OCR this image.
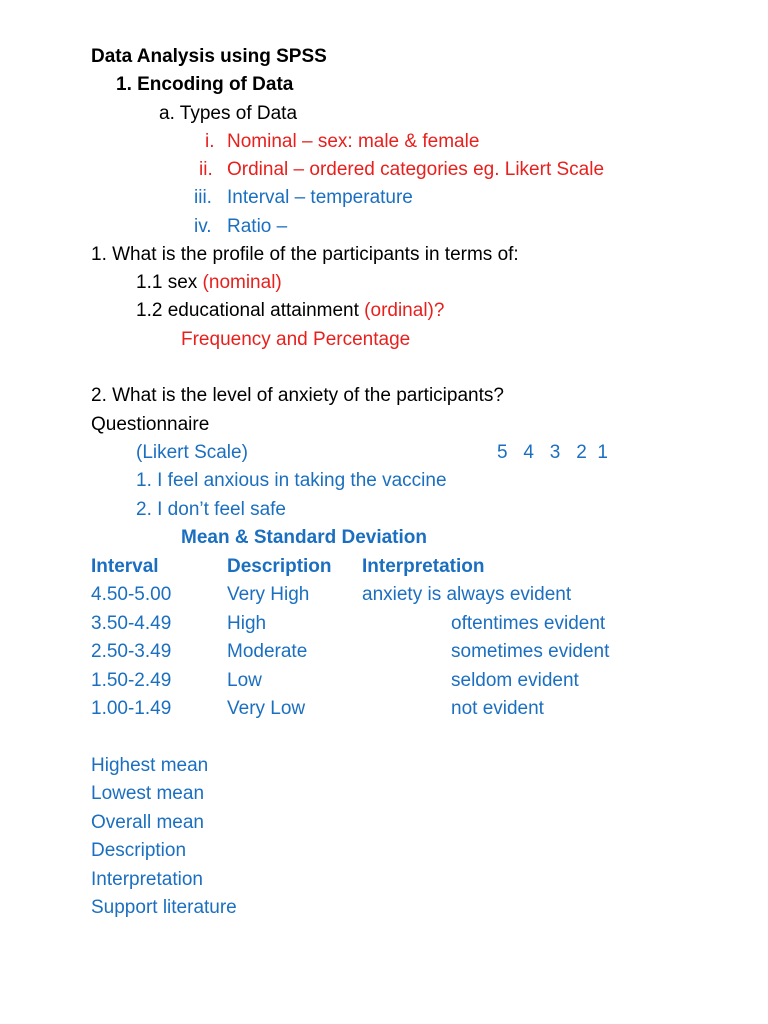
Data Analysis using SPSS
1. Encoding of Data
a. Types of Data
i. Nominal – sex: male & female
ii. Ordinal – ordered categories eg. Likert Scale
iii. Interval – temperature
iv. Ratio –
1. What is the profile of the participants in terms of:
1.1 sex (nominal)
1.2 educational attainment (ordinal)?
Frequency and Percentage
2. What is the level of anxiety of the participants?
Questionnaire
(Likert Scale)	5   4   3   2  1
1. I feel anxious in taking the vaccine
2. I don’t feel safe
Mean & Standard Deviation
Interval	Description Interpretation
4.50-5.00	Very High	anxiety is always evident
3.50-4.49	High	oftentimes evident
2.50-3.49	Moderate	sometimes evident
1.50-2.49	Low	seldom evident
1.00-1.49	Very Low	not evident
Highest mean
Lowest mean
Overall mean
Description
Interpretation
Support literature
